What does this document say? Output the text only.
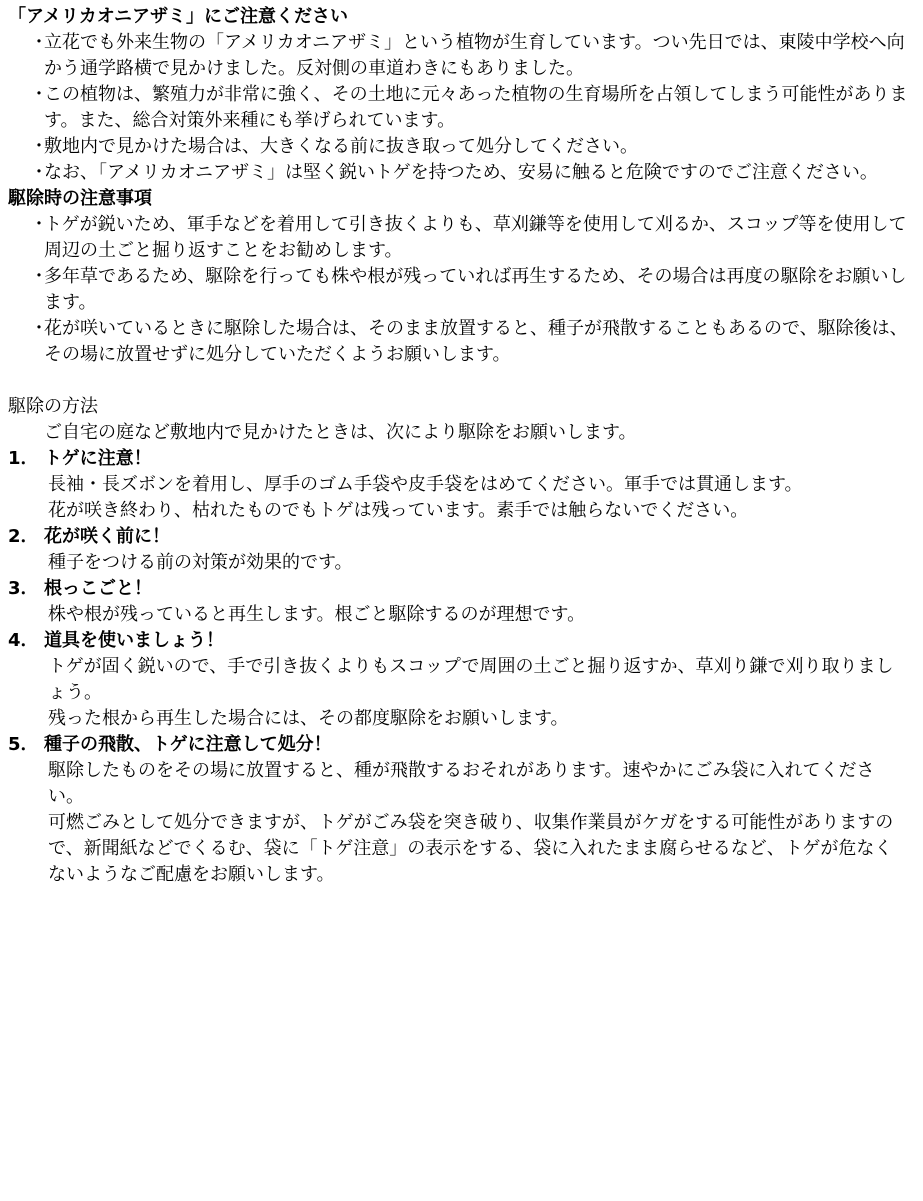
「アメリカオニアザミ」にご注意ください
・
立花でも外来生物の「アメリカオニアザミ」という植物が生育しています。つい先日では、東陵中学校へ向かう通学路横で見かけました。反対側の車道わきにもありました。
・
この植物は、繁殖力が非常に強く、その土地に元々あった植物の生育場所を占領してしまう可能性があります。また、総合対策外来種にも挙げられています。
・
敷地内で見かけた場合は、大きくなる前に抜き取って処分してください。
・
なお、「アメリカオニアザミ」は堅く鋭いトゲを持つため、安易に触ると危険ですのでご注意ください。
駆除時の注意事項
・
トゲが鋭いため、軍手などを着用して引き抜くよりも、草刈鎌等を使用して刈るか、スコップ等を使用して周辺の土ごと掘り返すことをお勧めします。
・
多年草であるため、駆除を行っても株や根が残っていれば再生するため、その場合は再度の駆除をお願いします。
・
花が咲いているときに駆除した場合は、そのまま放置すると、種子が飛散することもあるので、駆除後は、その場に放置せずに処分していただくようお願いします。
駆除の方法
ご自宅の庭など敷地内で見かけたときは、次により駆除をお願いします。
1． トゲに注意！
長袖・長ズボンを着用し、厚手のゴム手袋や皮手袋をはめてください。軍手では貫通します。
花が咲き終わり、枯れたものでもトゲは残っています。素手では触らないでください。
2． 花が咲く前に！
種子をつける前の対策が効果的です。
3． 根っこごと！
株や根が残っていると再生します。根ごと駆除するのが理想です。
4． 道具を使いましょう！
トゲが固く鋭いので、手で引き抜くよりもスコップで周囲の土ごと掘り返すか、草刈り鎌で刈り取りましょう。
残った根から再生した場合には、その都度駆除をお願いします。
5． 種子の飛散、トゲに注意して処分！
駆除したものをその場に放置すると、種が飛散するおそれがあります。速やかにごみ袋に入れてください。
可燃ごみとして処分できますが、トゲがごみ袋を突き破り、収集作業員がケガをする可能性がありますので、新聞紙などでくるむ、袋に「トゲ注意」の表示をする、袋に入れたまま腐らせるなど、トゲが危なくないようなご配慮をお願いします。
